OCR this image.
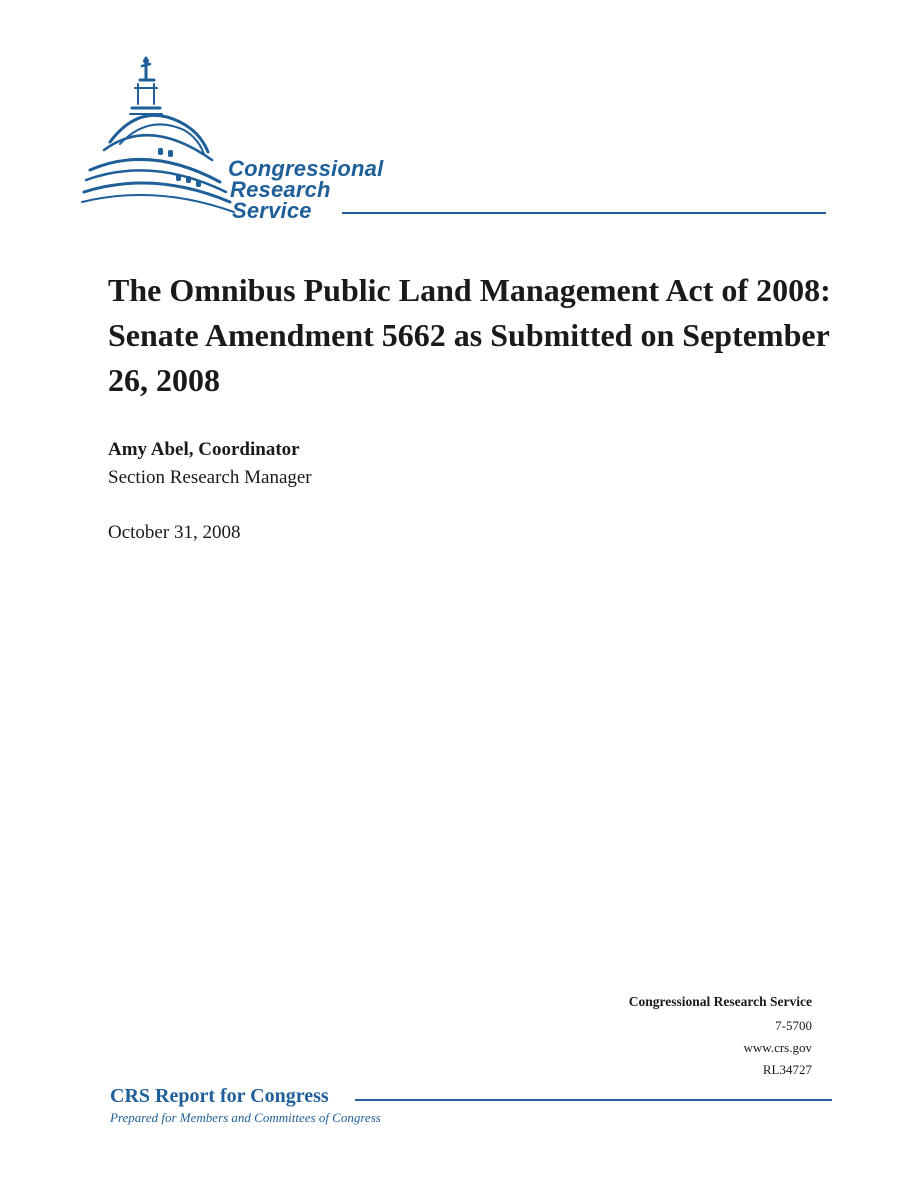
Congressional
Research
Service
The Omnibus Public Land Management Act of 2008: Senate Amendment 5662 as Submitted on September 26, 2008
Amy Abel, Coordinator
Section Research Manager
October 31, 2008
Congressional Research Service
7-5700
www.crs.gov
RL34727
CRS Report for Congress
Prepared for Members and Committees of Congress
